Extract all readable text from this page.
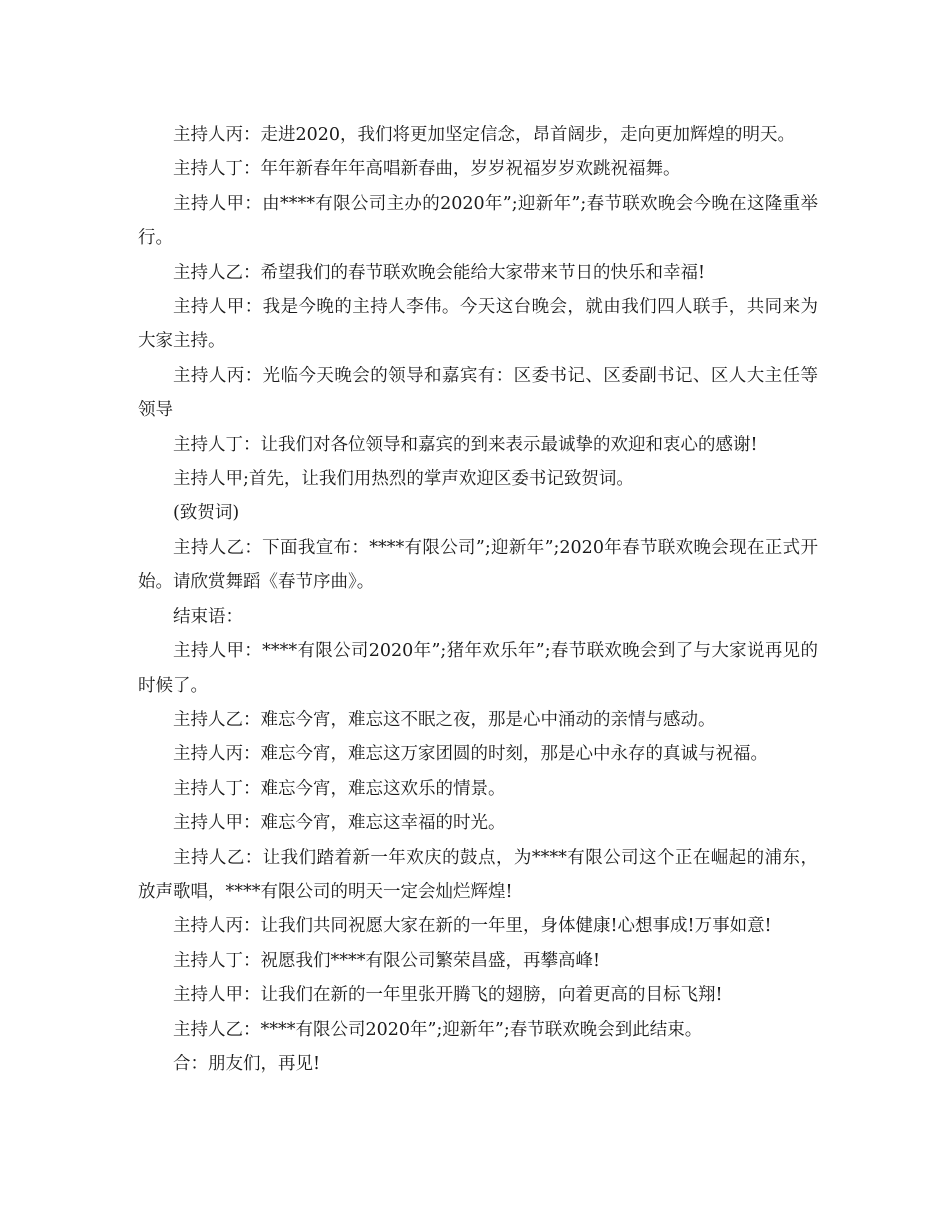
主持人丙：走进2020，我们将更加坚定信念，昂首阔步，走向更加辉煌的明天。

主持人丁：年年新春年年高唱新春曲，岁岁祝福岁岁欢跳祝福舞。

主持人甲：由****有限公司主办的2020年”;迎新年”;春节联欢晚会今晚在这隆重举行。

主持人乙：希望我们的春节联欢晚会能给大家带来节日的快乐和幸福!

主持人甲：我是今晚的主持人李伟。今天这台晚会，就由我们四人联手，共同来为大家主持。

主持人丙：光临今天晚会的领导和嘉宾有：区委书记、区委副书记、区人大主任等领导

主持人丁：让我们对各位领导和嘉宾的到来表示最诚挚的欢迎和衷心的感谢!

主持人甲;首先，让我们用热烈的掌声欢迎区委书记致贺词。

(致贺词)

主持人乙：下面我宣布：****有限公司”;迎新年”;2020年春节联欢晚会现在正式开始。请欣赏舞蹈《春节序曲》。

结束语：

主持人甲：****有限公司2020年”;猪年欢乐年”;春节联欢晚会到了与大家说再见的时候了。

主持人乙：难忘今宵，难忘这不眠之夜，那是心中涌动的亲情与感动。

主持人丙：难忘今宵，难忘这万家团圆的时刻，那是心中永存的真诚与祝福。

主持人丁：难忘今宵，难忘这欢乐的情景。

主持人甲：难忘今宵，难忘这幸福的时光。

主持人乙：让我们踏着新一年欢庆的鼓点，为****有限公司这个正在崛起的浦东，放声歌唱，****有限公司的明天一定会灿烂辉煌!

主持人丙：让我们共同祝愿大家在新的一年里，身体健康!心想事成!万事如意!

主持人丁：祝愿我们****有限公司繁荣昌盛，再攀高峰!

主持人甲：让我们在新的一年里张开腾飞的翅膀，向着更高的目标飞翔!

主持人乙：****有限公司2020年”;迎新年”;春节联欢晚会到此结束。

合：朋友们，再见!
